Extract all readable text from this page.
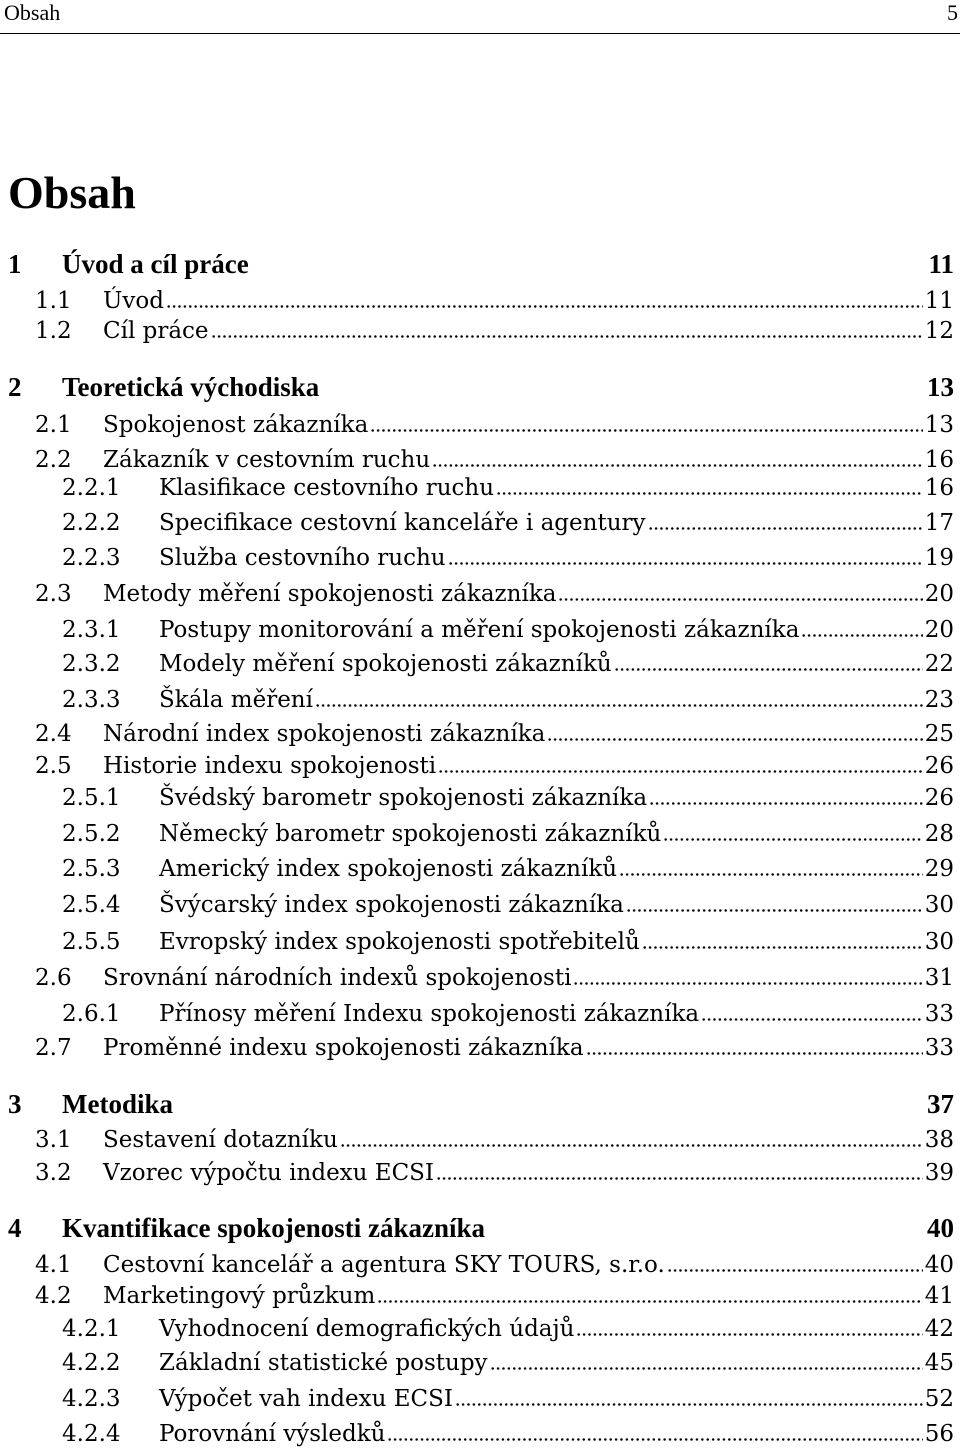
Obsah	5
Obsah
1 Úvod a cíl práce	11
1.1 Úvod	11
1.2 Cíl práce	12
2 Teoretická východiska	13
2.1 Spokojenost zákazníka	13
2.2 Zákazník v cestovním ruchu	16
2.2.1 Klasifikace cestovního ruchu	16
2.2.2 Specifikace cestovní kanceláře i agentury	17
2.2.3 Služba cestovního ruchu	19
2.3 Metody měření spokojenosti zákazníka	20
2.3.1 Postupy monitorování a měření spokojenosti zákazníka	20
2.3.2 Modely měření spokojenosti zákazníků	22
2.3.3 Škála měření	23
2.4 Národní index spokojenosti zákazníka	25
2.5 Historie indexu spokojenosti	26
2.5.1 Švédský barometr spokojenosti zákazníka	26
2.5.2 Německý barometr spokojenosti zákazníků	28
2.5.3 Americký index spokojenosti zákazníků	29
2.5.4 Švýcarský index spokojenosti zákazníka	30
2.5.5 Evropský index spokojenosti spotřebitelů	30
2.6 Srovnání národních indexů spokojenosti	31
2.6.1 Přínosy měření Indexu spokojenosti zákazníka	33
2.7 Proměnné indexu spokojenosti zákazníka	33
3 Metodika	37
3.1 Sestavení dotazníku	38
3.2 Vzorec výpočtu indexu ECSI	39
4 Kvantifikace spokojenosti zákazníka	40
4.1 Cestovní kancelář a agentura SKY TOURS, s.r.o.	40
4.2 Marketingový průzkum	41
4.2.1 Vyhodnocení demografických údajů	42
4.2.2 Základní statistické postupy	45
4.2.3 Výpočet vah indexu ECSI	52
4.2.4 Porovnání výsledků	56
